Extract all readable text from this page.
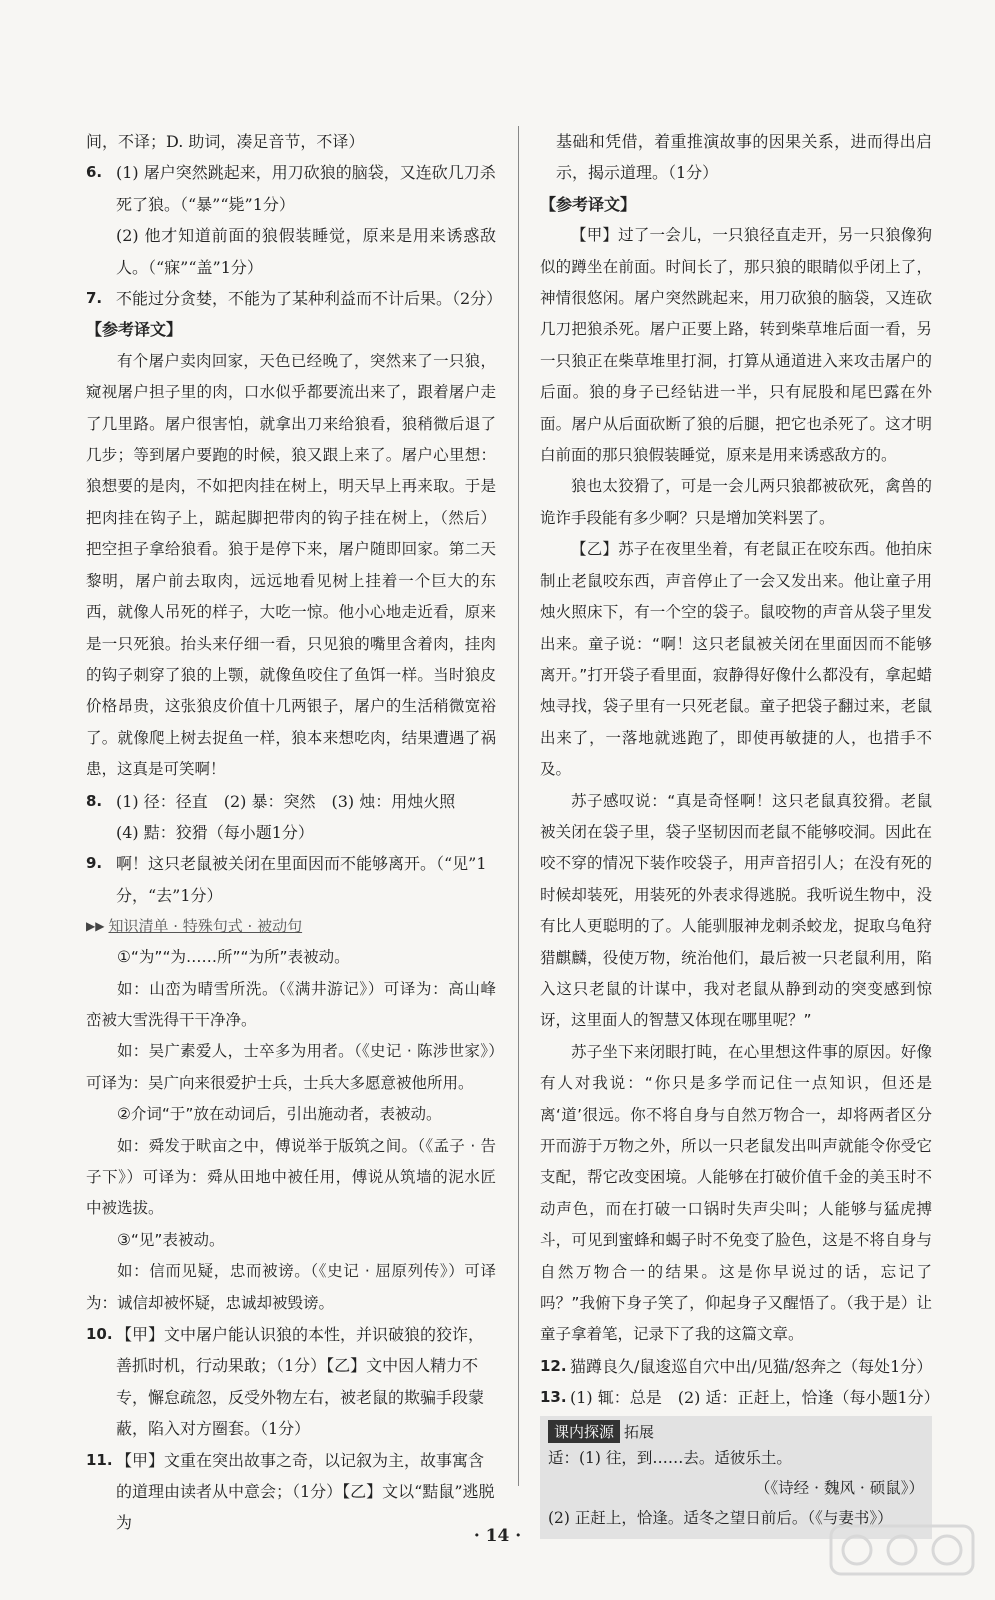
间，不译；D. 助词，凑足音节，不译）

6. (1) 屠户突然跳起来，用刀砍狼的脑袋，又连砍几刀杀死了狼。（“暴”“毙”1分）

(2) 他才知道前面的狼假装睡觉，原来是用来诱惑敌人。（“寐”“盖”1分）

7. 不能过分贪婪，不能为了某种利益而不计后果。（2分）
【参考译文】

有个屠户卖肉回家，天色已经晚了，突然来了一只狼，窥视屠户担子里的肉，口水似乎都要流出来了，跟着屠户走了几里路。屠户很害怕，就拿出刀来给狼看，狼稍微后退了几步；等到屠户要跑的时候，狼又跟上来了。屠户心里想：狼想要的是肉，不如把肉挂在树上，明天早上再来取。于是把肉挂在钩子上，踮起脚把带肉的钩子挂在树上，（然后）把空担子拿给狼看。狼于是停下来，屠户随即回家。第二天黎明，屠户前去取肉，远远地看见树上挂着一个巨大的东西，就像人吊死的样子，大吃一惊。他小心地走近看，原来是一只死狼。抬头来仔细一看，只见狼的嘴里含着肉，挂肉的钩子刺穿了狼的上颚，就像鱼咬住了鱼饵一样。当时狼皮价格昂贵，这张狼皮价值十几两银子，屠户的生活稍微宽裕了。就像爬上树去捉鱼一样，狼本来想吃肉，结果遭遇了祸患，这真是可笑啊！

8. (1) 径：径直　(2) 暴：突然　(3) 烛：用烛火照

(4) 黠：狡猾（每小题1分）

9. 啊！这只老鼠被关闭在里面因而不能够离开。（“见”1分，“去”1分）
▶▶ 知识清单 · 特殊句式 · 被动句

①“为”“为……所”“为所”表被动。

如：山峦为晴雪所洗。（《满井游记》）可译为：高山峰峦被大雪洗得干干净净。

如：吴广素爱人，士卒多为用者。（《史记 · 陈涉世家》）可译为：吴广向来很爱护士兵，士兵大多愿意被他所用。

②介词“于”放在动词后，引出施动者，表被动。

如：舜发于畎亩之中，傅说举于版筑之间。（《孟子 · 告子下》）可译为：舜从田地中被任用，傅说从筑墙的泥水匠中被选拔。

③“见”表被动。

如：信而见疑，忠而被谤。（《史记 · 屈原列传》）可译为：诚信却被怀疑，忠诚却被毁谤。

10. 【甲】文中屠户能认识狼的本性，并识破狼的狡诈，善抓时机，行动果敢；（1分）【乙】文中因人精力不专，懈怠疏忽，反受外物左右，被老鼠的欺骗手段蒙蔽，陷入对方圈套。（1分）
11. 【甲】文重在突出故事之奇，以记叙为主，故事寓含的道理由读者从中意会；（1分）【乙】文以“黠鼠”逃脱为

基础和凭借，着重推演故事的因果关系，进而得出启示，揭示道理。（1分）

【参考译文】

【甲】过了一会儿，一只狼径直走开，另一只狼像狗似的蹲坐在前面。时间长了，那只狼的眼睛似乎闭上了，神情很悠闲。屠户突然跳起来，用刀砍狼的脑袋，又连砍几刀把狼杀死。屠户正要上路，转到柴草堆后面一看，另一只狼正在柴草堆里打洞，打算从通道进入来攻击屠户的后面。狼的身子已经钻进一半，只有屁股和尾巴露在外面。屠户从后面砍断了狼的后腿，把它也杀死了。这才明白前面的那只狼假装睡觉，原来是用来诱惑敌方的。

狼也太狡猾了，可是一会儿两只狼都被砍死，禽兽的诡诈手段能有多少啊？只是增加笑料罢了。

【乙】苏子在夜里坐着，有老鼠正在咬东西。他拍床制止老鼠咬东西，声音停止了一会又发出来。他让童子用烛火照床下，有一个空的袋子。鼠咬物的声音从袋子里发出来。童子说：“啊！这只老鼠被关闭在里面因而不能够离开。”打开袋子看里面，寂静得好像什么都没有，拿起蜡烛寻找，袋子里有一只死老鼠。童子把袋子翻过来，老鼠出来了，一落地就逃跑了，即使再敏捷的人，也措手不及。

苏子感叹说：“真是奇怪啊！这只老鼠真狡猾。老鼠被关闭在袋子里，袋子坚韧因而老鼠不能够咬洞。因此在咬不穿的情况下装作咬袋子，用声音招引人；在没有死的时候却装死，用装死的外表求得逃脱。我听说生物中，没有比人更聪明的了。人能驯服神龙刺杀蛟龙，捉取乌龟狩猎麒麟，役使万物，统治他们，最后被一只老鼠利用，陷入这只老鼠的计谋中，我对老鼠从静到动的突变感到惊讶，这里面人的智慧又体现在哪里呢？”

苏子坐下来闭眼打盹，在心里想这件事的原因。好像有人对我说：“你只是多学而记住一点知识，但还是离‘道’很远。你不将自身与自然万物合一，却将两者区分开而游于万物之外，所以一只老鼠发出叫声就能令你受它支配，帮它改变困境。人能够在打破价值千金的美玉时不动声色，而在打破一口锅时失声尖叫；人能够与猛虎搏斗，可见到蜜蜂和蝎子时不免变了脸色，这是不将自身与自然万物合一的结果。这是你早说过的话，忘记了吗？”我俯下身子笑了，仰起身子又醒悟了。（我于是）让童子拿着笔，记录下了我的这篇文章。

12. 猫蹲良久/鼠逡巡自穴中出/见猫/怒奔之（每处1分）
13. (1) 辄：总是　(2) 适：正赶上，恰逢（每小题1分）
课内探源 拓展

适：(1) 往，到……去。适彼乐土。

（《诗经 · 魏风 · 硕鼠》）

(2) 正赶上，恰逢。适冬之望日前后。（《与妻书》）

· 14 ·
